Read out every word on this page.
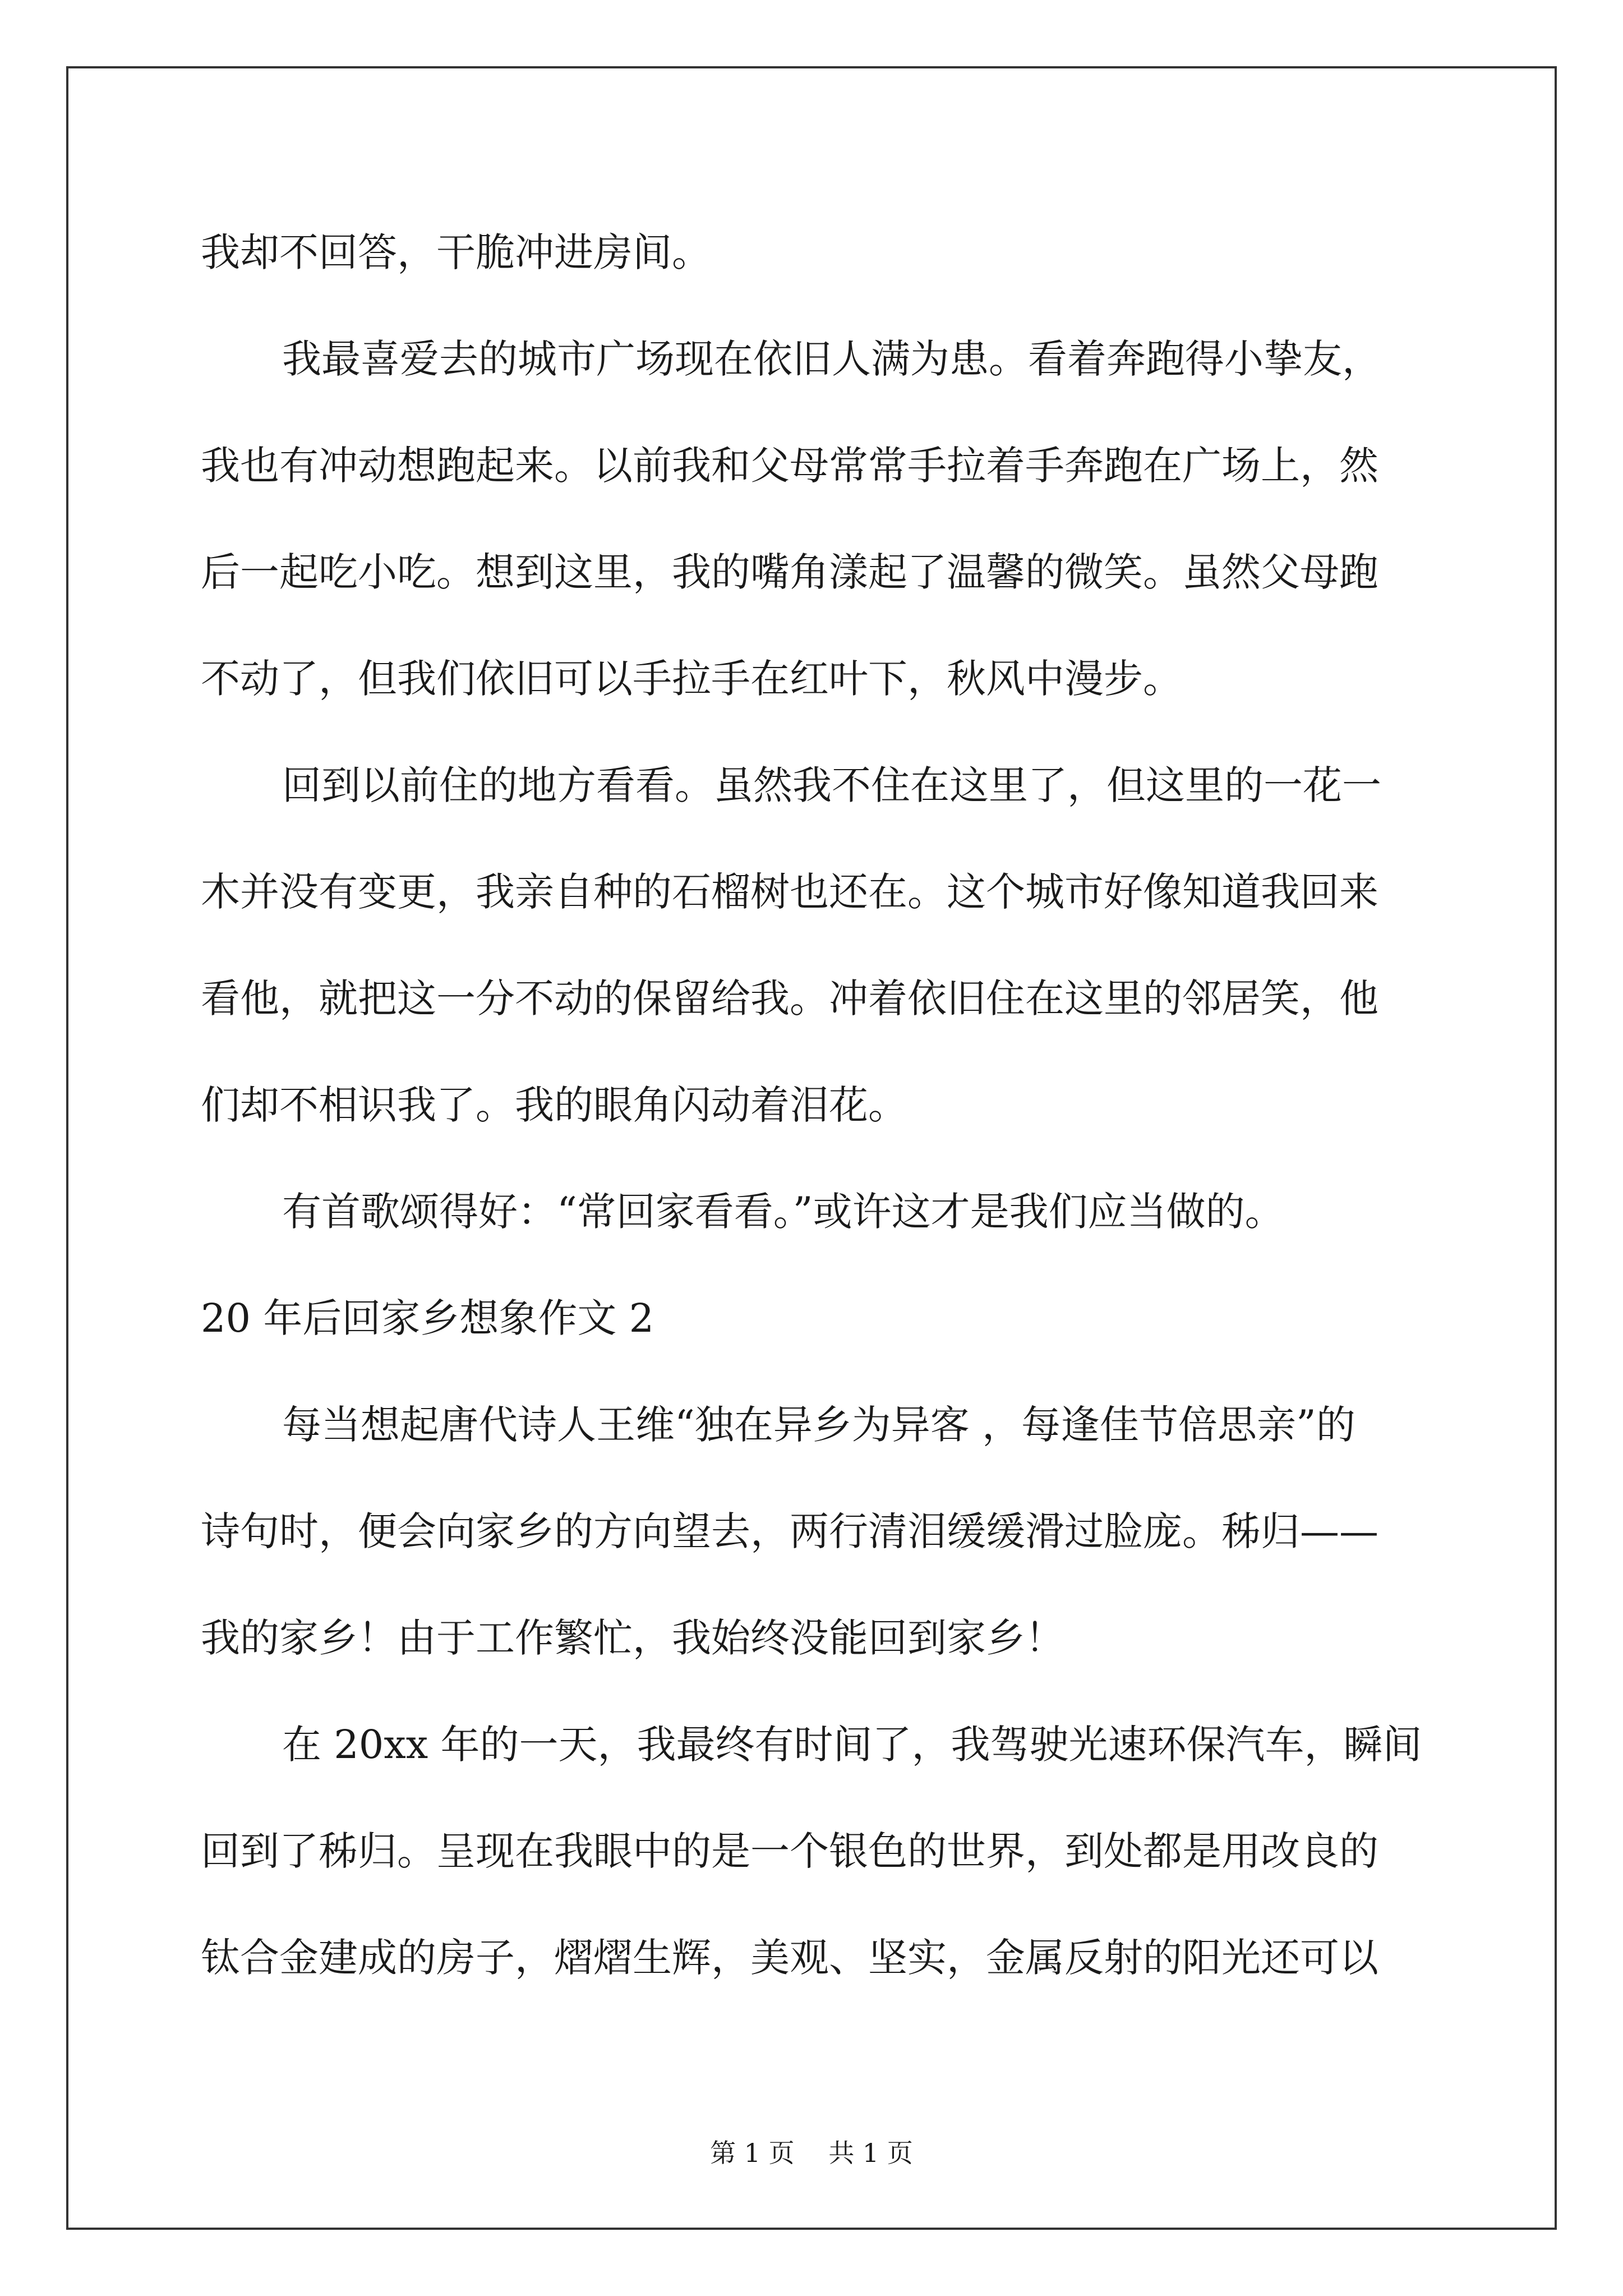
我却不回答，干脆冲进房间。
我最喜爱去的城市广场现在依旧人满为患。看着奔跑得小挚友，
我也有冲动想跑起来。以前我和父母常常手拉着手奔跑在广场上，然
后一起吃小吃。想到这里，我的嘴角漾起了温馨的微笑。虽然父母跑
不动了，但我们依旧可以手拉手在红叶下，秋风中漫步。
回到以前住的地方看看。虽然我不住在这里了，但这里的一花一
木并没有变更，我亲自种的石榴树也还在。这个城市好像知道我回来
看他，就把这一分不动的保留给我。冲着依旧住在这里的邻居笑，他
们却不相识我了。我的眼角闪动着泪花。
有首歌颂得好：“常回家看看。”或许这才是我们应当做的。
20 年后回家乡想象作文 2
每当想起唐代诗人王维“独在异乡为异客 ，每逢佳节倍思亲”的
诗句时，便会向家乡的方向望去，两行清泪缓缓滑过脸庞。秭归——
我的家乡！由于工作繁忙，我始终没能回到家乡！
在 20xx 年的一天，我最终有时间了，我驾驶光速环保汽车，瞬间
回到了秭归。呈现在我眼中的是一个银色的世界，到处都是用改良的
钛合金建成的房子，熠熠生辉，美观、坚实，金属反射的阳光还可以
第 1 页 共 1 页
